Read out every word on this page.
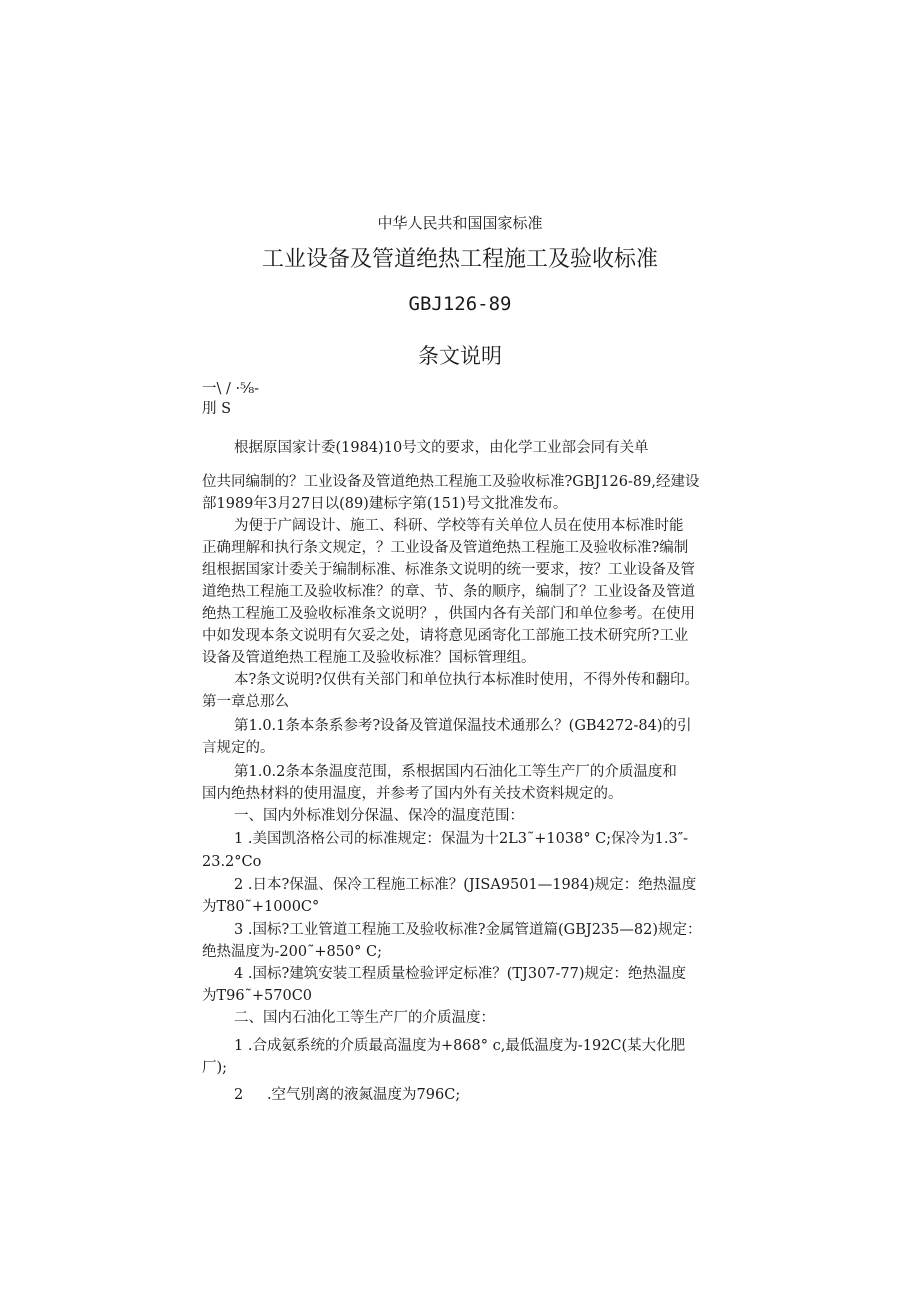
中华人民共和国国家标准
工业设备及管道绝热工程施工及验收标准
GBJ126-89
条文说明
一\ / ·⁵⁄₈-
刖 S
根据原国家计委(1984)10号文的要求，由化学工业部会同有关单
位共同编制的？工业设备及管道绝热工程施工及验收标准?GBJ126-89,经建设
部1989年3月27日以(89)建标字第(151)号文批准发布。
为便于广阔设计、施工、科研、学校等有关单位人员在使用本标准时能
正确理解和执行条文规定，？工业设备及管道绝热工程施工及验收标准?编制
组根据国家计委关于编制标准、标准条文说明的统一要求，按？工业设备及管
道绝热工程施工及验收标准？的章、节、条的顺序，编制了？工业设备及管道
绝热工程施工及验收标准条文说明？，供国内各有关部门和单位参考。在使用
中如发现本条文说明有欠妥之处，请将意见函寄化工部施工技术研究所?工业
设备及管道绝热工程施工及验收标准？国标管理组。
本?条文说明?仅供有关部门和单位执行本标准时使用，不得外传和翻印。
第一章总那么
第1.0.1条本条系参考?设备及管道保温技术通那么？(GB4272-84)的引
言规定的。
第1.0.2条本条温度范围，系根据国内石油化工等生产厂的介质温度和
国内绝热材料的使用温度，并参考了国内外有关技术资料规定的。
一、国内外标准划分保温、保冷的温度范围：
1 .美国凯洛格公司的标准规定：保温为十2L3˜+1038° C;保冷为1.3″-
23.2°Co
2 .日本?保温、保冷工程施工标准？(JISA9501—1984)规定：绝热温度
为T80˜+1000C°
3 .国标?工业管道工程施工及验收标准?金属管道篇(GBJ235—82)规定：
绝热温度为-200˜+850° C;
4 .国标?建筑安装工程质量检验评定标准？(TJ307-77)规定：绝热温度
为T96˜+570C0
二、国内石油化工等生产厂的介质温度：
1 .合成氨系统的介质最高温度为+868° c,最低温度为-192C(某大化肥
厂);
2 　 .空气别离的液氮温度为796C;
